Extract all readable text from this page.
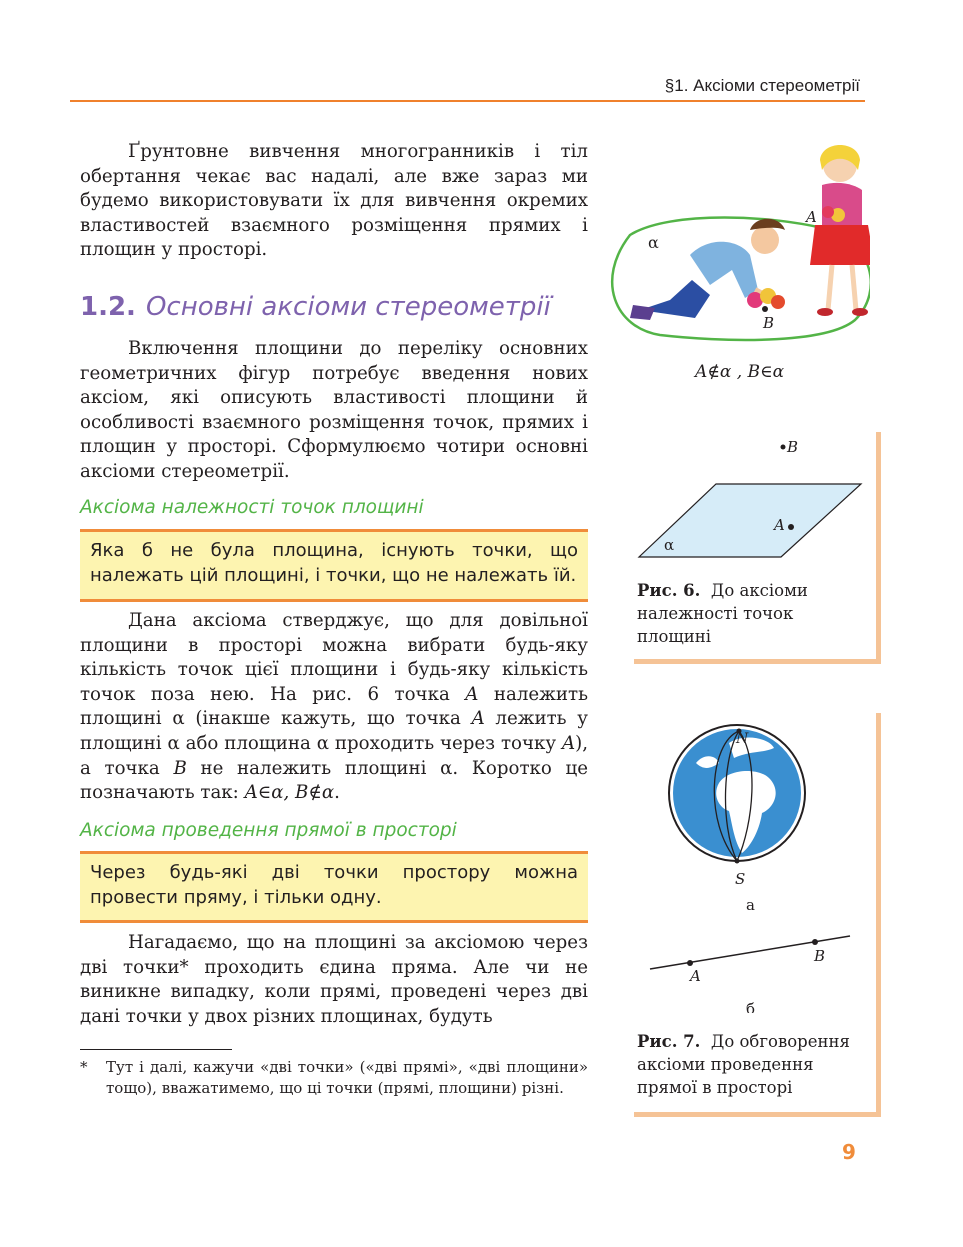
§1. Аксіоми стереометрії
Ґрунтовне вивчення многогранників і тіл обертання чекає вас надалі, але вже зараз ми будемо використовувати їх для вивчення окремих властивостей взаємного розміщення прямих і площин у просторі.
1.2. Основні аксіоми стереометрії
Включення площини до переліку основних геометричних фігур потребує введення нових аксіом, які описують властивості площини й особливості взаємного розміщення точок, прямих і площин у просторі. Сформулюємо чотири основні аксіоми стереометрії.
Аксіома належності точок площині
Яка б не була площина, існують точки, що належать цій площині, і точки, що не належать їй.
Дана аксіома стверджує, що для довільної площини в просторі можна вибрати будь-яку кількість точок цієї площини і будь-яку кількість точок поза нею. На рис. 6 точка A належить площині α (інакше кажуть, що точка A лежить у площині α або площина α проходить через точку A), а точка B не належить площині α. Коротко це позначають так: A∈α, B∉α.
Аксіома проведення прямої в просторі
Через будь-які дві точки простору можна провести пряму, і тільки одну.
Нагадаємо, що на площині за аксіомою через дві точки* проходить єдина пряма. Але чи не виникне випадку, коли прямі, проведені через дві дані точки у двох різних площинах, будуть
*	Тут і далі, кажучи «дві точки» («дві прямі», «дві площини» тощо), вважатимемо, що ці точки (прямі, площини) різні.
α
A
B
A∉α , B∈α
B
A
α
Рис. 6. До аксіоми належності точок площині
N
S
а
A
B
б
Рис. 7. До обговорення аксіоми проведення прямої в просторі
9
